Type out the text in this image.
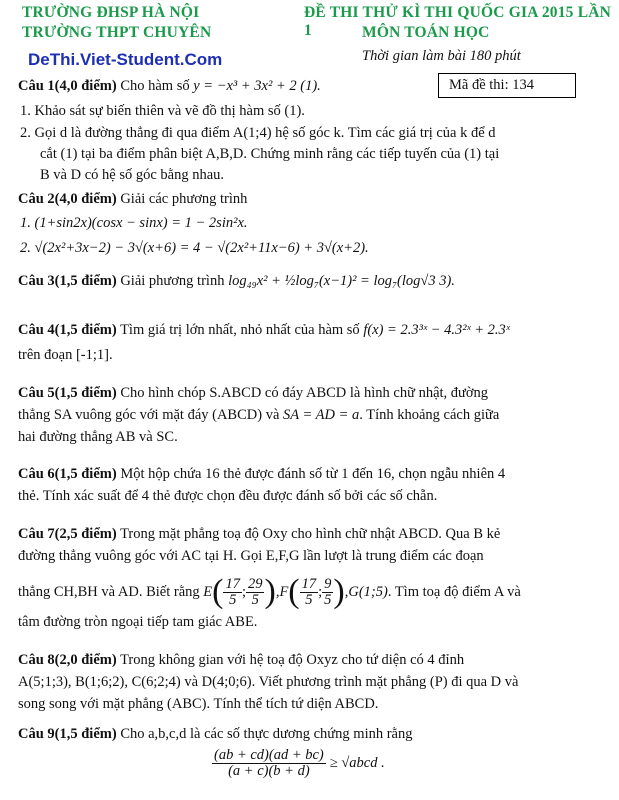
TRƯỜNG ĐHSP HÀ NỘI
TRƯỜNG THPT CHUYÊN
ĐỀ THI THỬ KÌ THI QUỐC GIA 2015 LẦN 1	MÔN TOÁN HỌC
DeThi.Viet-Student.Com	Thời gian làm bài 180 phút
Mã đề thi: 134
Câu 1(4,0 điểm) Cho hàm số y = −x³ + 3x² + 2 (1).
1. Khảo sát sự biến thiên và vẽ đồ thị hàm số (1).
2. Gọi d là đường thẳng đi qua điểm A(1;4) hệ số góc k. Tìm các giá trị của k để d
cắt (1) tại ba điểm phân biệt A,B,D. Chứng minh rằng các tiếp tuyến của (1) tại
B và D có hệ số góc bằng nhau.
Câu 2(4,0 điểm) Giải các phương trình
1. (1+sin2x)(cosx − sinx) = 1 − 2sin²x.
2. √(2x²+3x−2) − 3√(x+6) = 4 − √(2x²+11x−6) + 3√(x+2).
Câu 3(1,5 điểm) Giải phương trình log₄₉x² + ½log₇(x−1)² = log₇(log√3 3).
Câu 4(1,5 điểm) Tìm giá trị lớn nhất, nhỏ nhất của hàm số f(x) = 2.3³ˣ − 4.3²ˣ + 2.3ˣ
trên đoạn [-1;1].
Câu 5(1,5 điểm) Cho hình chóp S.ABCD có đáy ABCD là hình chữ nhật, đường
thẳng SA vuông góc với mặt đáy (ABCD) và SA = AD = a. Tính khoảng cách giữa
hai đường thẳng AB và SC.
Câu 6(1,5 điểm) Một hộp chứa 16 thẻ được đánh số từ 1 đến 16, chọn ngẫu nhiên 4
thẻ. Tính xác suất để 4 thẻ được chọn đều được đánh số bởi các số chẵn.
Câu 7(2,5 điểm) Trong mặt phẳng toạ độ Oxy cho hình chữ nhật ABCD. Qua B kẻ
đường thẳng vuông góc với AC tại H. Gọi E,F,G lần lượt là trung điểm các đoạn
thẳng CH,BH và AD. Biết rằng
E ( $\frac{17}{5}$ ; $\frac{29}{5}$ ) ,F ( $\frac{17}{5}$ ; $\frac{9}{5}$ ) ,G(1;5) . Tìm toạ độ điểm A và
tâm đường tròn ngoại tiếp tam giác ABE.
Câu 8(2,0 điểm) Trong không gian với hệ toạ độ Oxyz cho tứ diện có 4 đỉnh
A(5;1;3), B(1;6;2), C(6;2;4) và D(4;0;6). Viết phương trình mặt phẳng (P) đi qua D và
song song với mặt phẳng (ABC). Tính thể tích tứ diện ABCD.
Câu 9(1,5 điểm) Cho a,b,c,d là các số thực dương chứng minh rằng
$\frac{(ab + cd)(ad + bc)}{(a + c)(b + d)}$ ≥ √abcd .
